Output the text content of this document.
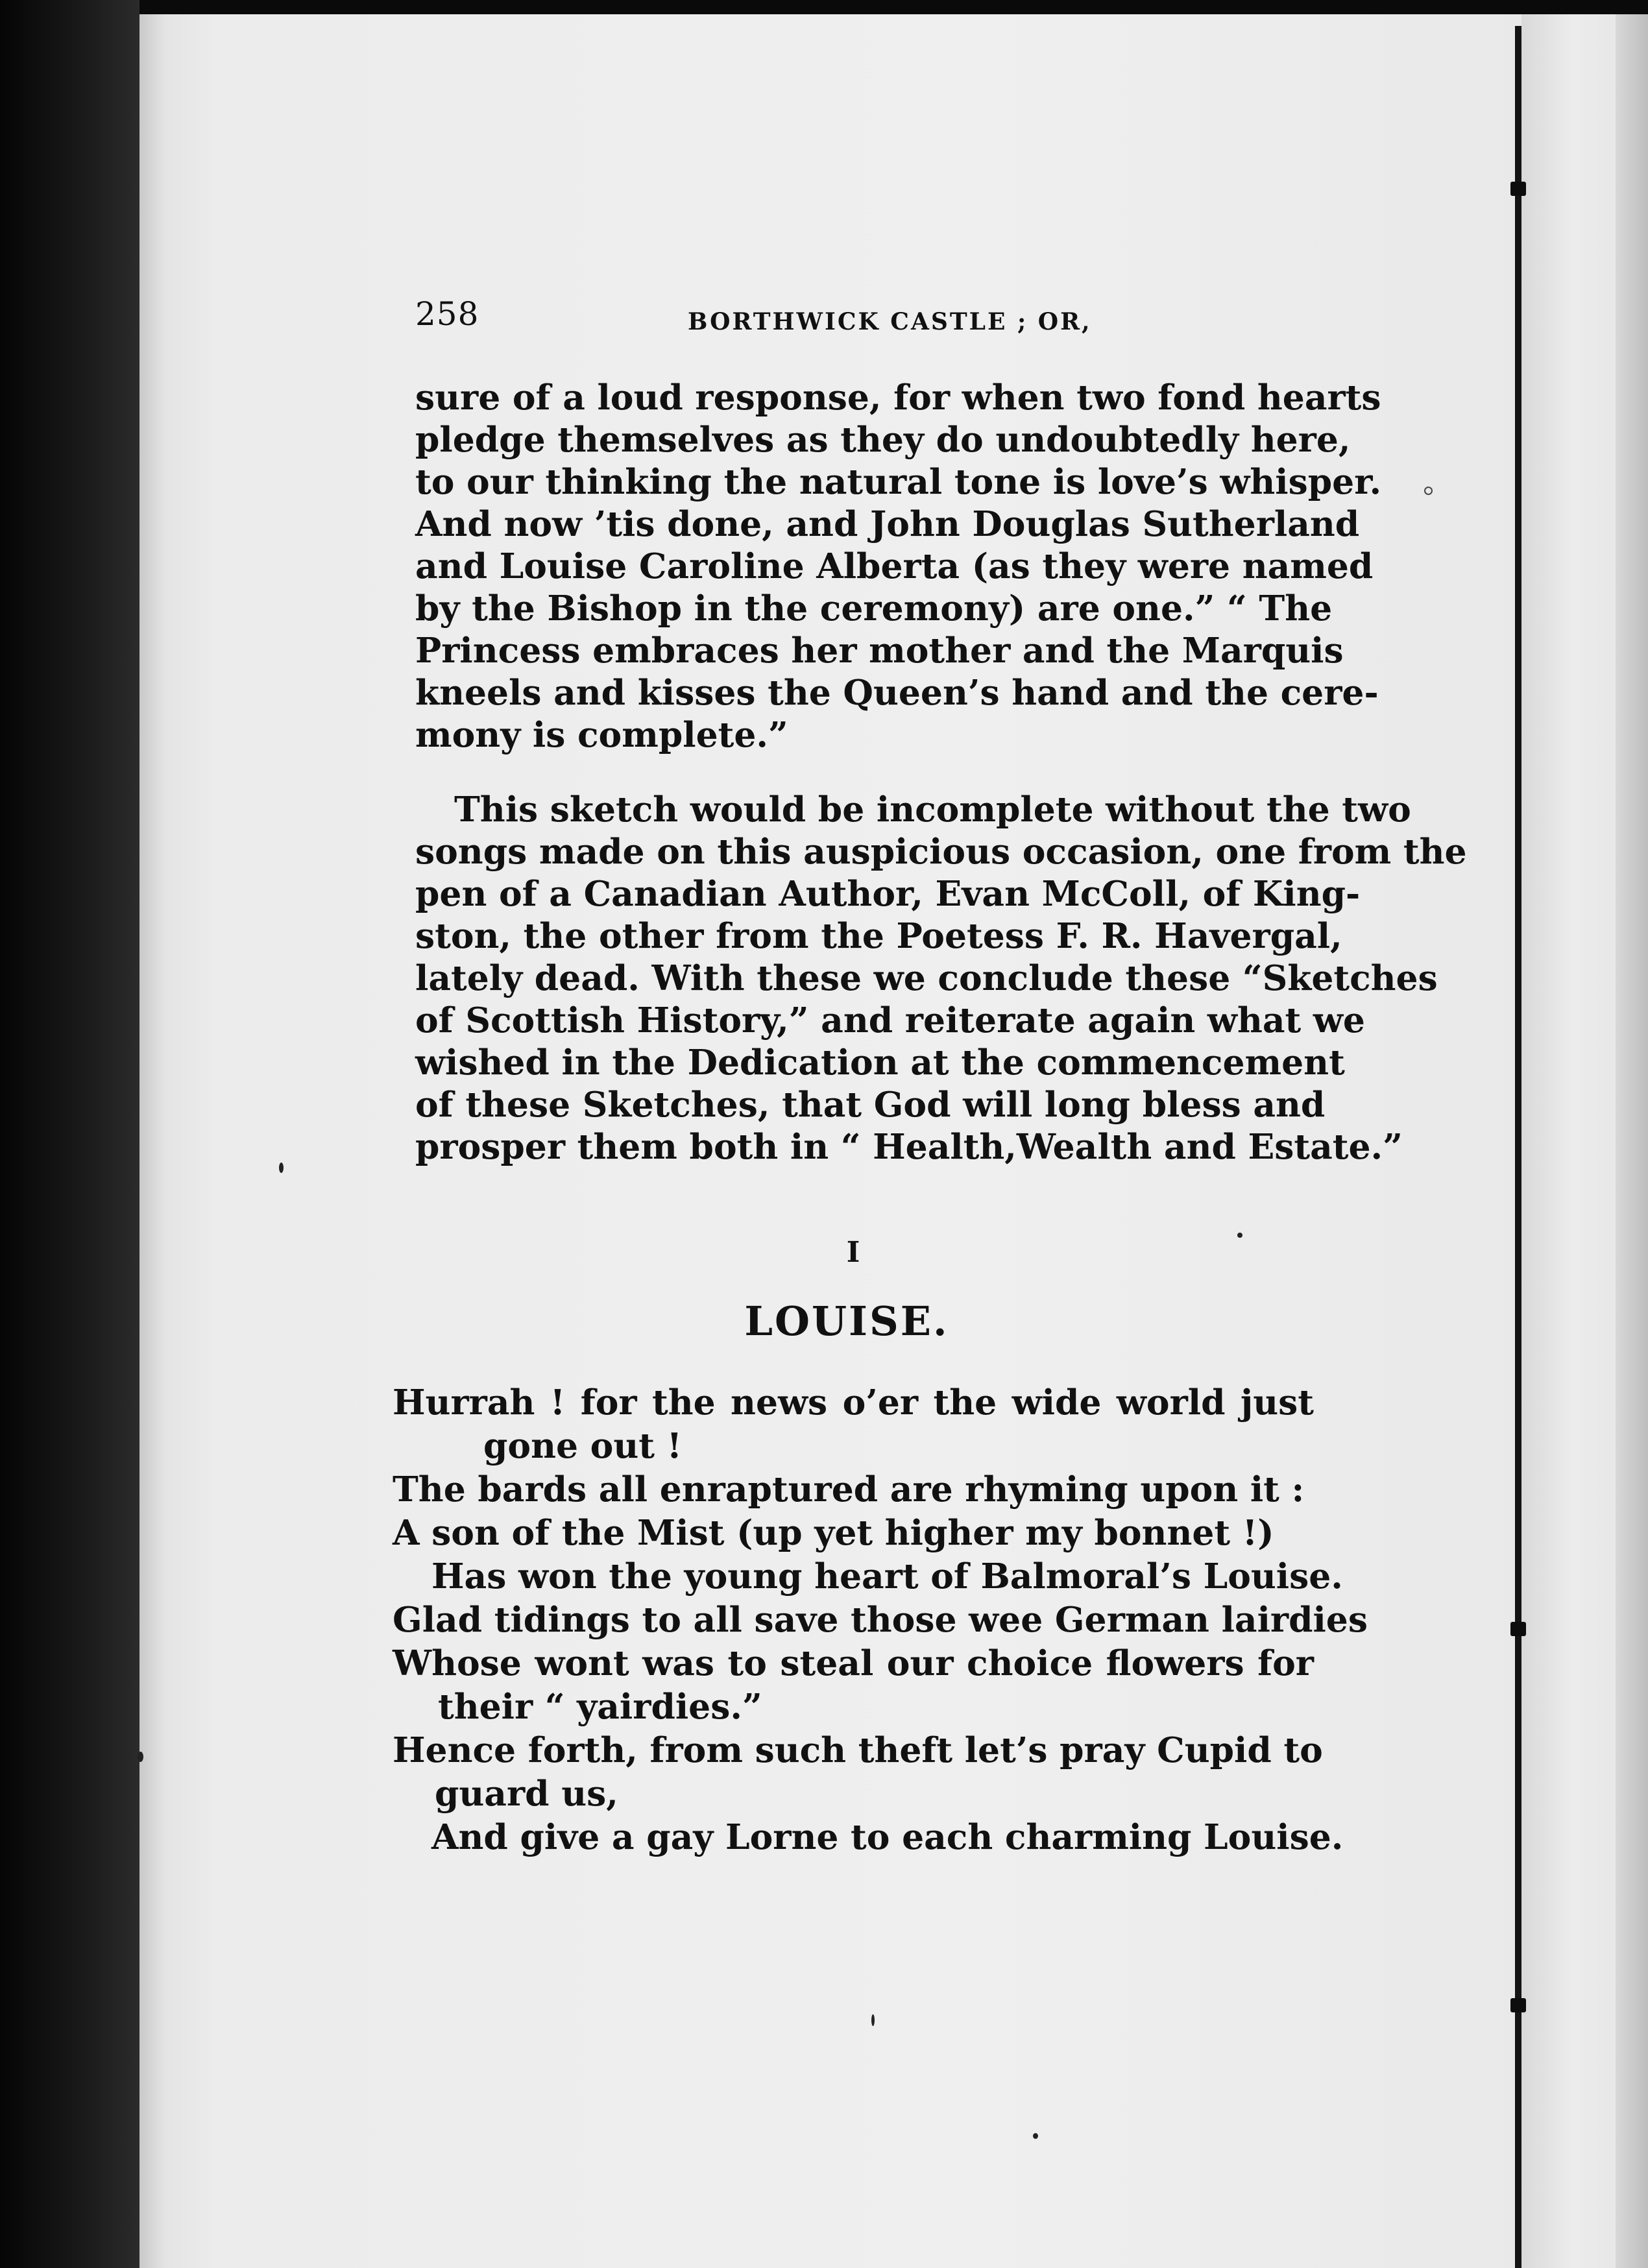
258	BORTHWICK CASTLE ; OR,
sure of a loud response, for when two fond hearts
pledge themselves as they do undoubtedly here,
to our thinking the natural tone is love’s whisper.
And now ’tis done, and John Douglas Sutherland
and Louise Caroline Alberta (as they were named
by the Bishop in the ceremony) are one.” “ The
Princess embraces her mother and the Marquis
kneels and kisses the Queen’s hand and the cere-
mony is complete.”
This sketch would be incomplete without the two
songs made on this auspicious occasion, one from the
pen of a Canadian Author, Evan McColl, of King-
ston, the other from the Poetess F. R. Havergal,
lately dead. With these we conclude these “Sketches
of Scottish History,” and reiterate again what we
wished in the Dedication at the commencement
of these Sketches, that God will long bless and
prosper them both in “ Health,Wealth and Estate.”
I
LOUISE.
Hurrah ! for the news o’er the wide world just
gone out !
The bards all enraptured are rhyming upon it :
A son of the Mist (up yet higher my bonnet !)
Has won the young heart of Balmoral’s Louise.
Glad tidings to all save those wee German lairdies
Whose wont was to steal our choice flowers for
their “ yairdies.”
Hence forth, from such theft let’s pray Cupid to
guard us,
And give a gay Lorne to each charming Louise.
